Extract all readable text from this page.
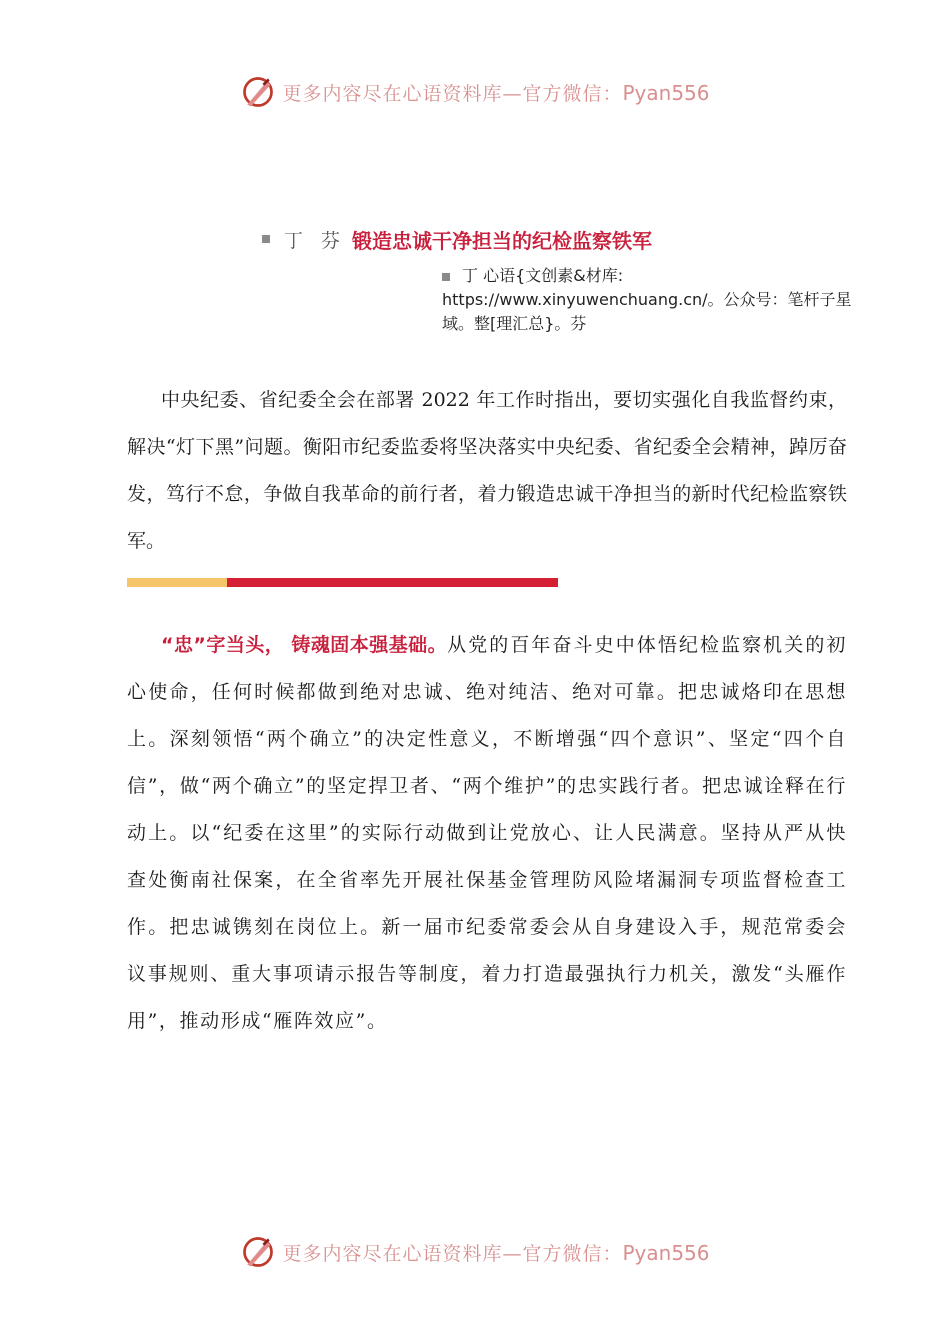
更多内容尽在心语资料库—官方微信：Pyan556
丁 芬 锻造忠诚干净担当的纪检监察铁军
丁 心语{文创素&材库: https://www.xinyuwenchuang.cn/。公众号：笔杆子星域。整[理汇总}。芬
中央纪委、省纪委全会在部署 2022 年工作时指出，要切实强化自我监督约束，解决“灯下黑”问题。衡阳市纪委监委将坚决落实中央纪委、省纪委全会精神，踔厉奋发，笃行不怠，争做自我革命的前行者，着力锻造忠诚干净担当的新时代纪检监察铁军。
“忠”字当头， 铸魂固本强基础。从党的百年奋斗史中体悟纪检监察机关的初心使命，任何时候都做到绝对忠诚、绝对纯洁、绝对可靠。把忠诚烙印在思想上。深刻领悟“两个确立”的决定性意义，不断增强“四个意识”、坚定“四个自信”，做“两个确立”的坚定捍卫者、“两个维护”的忠实践行者。把忠诚诠释在行动上。以“纪委在这里”的实际行动做到让党放心、让人民满意。坚持从严从快查处衡南社保案，在全省率先开展社保基金管理防风险堵漏洞专项监督检查工作。把忠诚镌刻在岗位上。新一届市纪委常委会从自身建设入手，规范常委会议事规则、重大事项请示报告等制度，着力打造最强执行力机关，激发“头雁作用”，推动形成“雁阵效应”。
更多内容尽在心语资料库—官方微信：Pyan556
